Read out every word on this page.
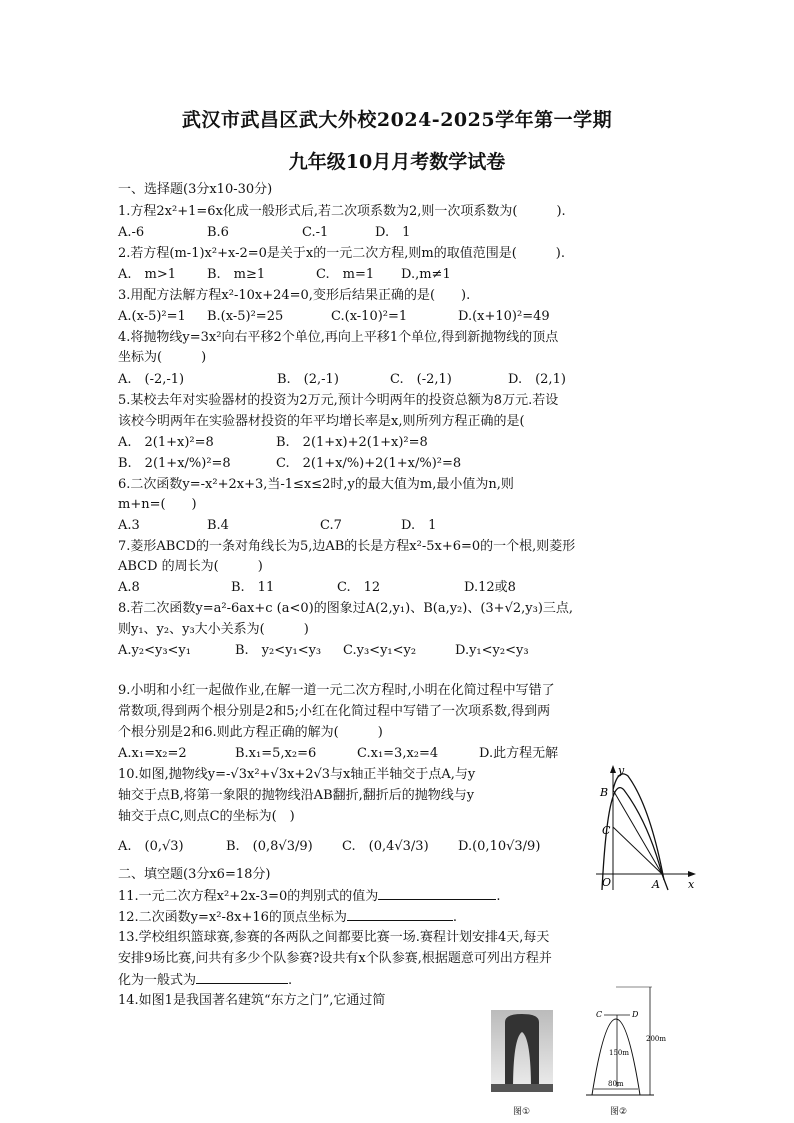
武汉市武昌区武大外校2024-2025学年第一学期
九年级10月月考数学试卷
一、选择题(3分x10-30分)
1.方程2x²+1=6x化成一般形式后,若二次项系数为2,则一次项系数为(　　　).
A.-6	B.6	C.-1	D.　1
2.若方程(m-1)x²+x-2=0是关于x的一元二次方程,则m的取值范围是(　　　).
A.　m>1 B.　m≥1	C.　m=1 D.,m≠1
3.用配方法解方程x²-10x+24=0,变形后结果正确的是(　　).
A.(x-5)²=1 B.(x-5)²=25	C.(x-10)²=1	D.(x+10)²=49
4.将抛物线y=3x²向右平移2个单位,再向上平移1个单位,得到新抛物线的顶点
坐标为(　　　)
A.　(-2,-1)	B.　(2,-1)	C.　(-2,1)	D.　(2,1)
5.某校去年对实验器材的投资为2万元,预计今明两年的投资总额为8万元.若设
该校今明两年在实验器材投资的年平均增长率是x,则所列方程正确的是(
A.　2(1+x)²=8	B.　2(1+x)+2(1+x)²=8
B.　2(1+x/%)²=8	C.　2(1+x/%)+2(1+x/%)²=8
6.二次函数y=-x²+2x+3,当-1≤x≤2时,y的最大值为m,最小值为n,则
m+n=(　　)
A.3	B.4	C.7	D.　1
7.菱形ABCD的一条对角线长为5,边AB的长是方程x²-5x+6=0的一个根,则菱形
ABCD 的周长为(　　　)
A.8	B.　11	C.　12	D.12或8
8.若二次函数y=a²-6ax+c (a<0)的图象过A(2,y₁)、B(a,y₂)、(3+√2,y₃)三点,
则y₁、y₂、y₃大小关系为(　　　)
A.y₂<y₃<y₁	B.　y₂<y₁<y₃ C.y₃<y₁<y₂	D.y₁<y₂<y₃
9.小明和小红一起做作业,在解一道一元二次方程时,小明在化简过程中写错了
常数项,得到两个根分别是2和5;小红在化简过程中写错了一次项系数,得到两
个根分别是2和6.则此方程正确的解为(　　　)
A.x₁=x₂=2	B.x₁=5,x₂=6	C.x₁=3,x₂=4	D.此方程无解
10.如图,抛物线y=-√3x²+√3x+2√3与x轴正半轴交于点A,与y
轴交于点B,将第一象限的抛物线沿AB翻折,翻折后的抛物线与y
轴交于点C,则点C的坐标为(　)
A.　(0,√3)	B.　(0,8√3/9) C.　(0,4√3/3) D.(0,10√3/9)
y
x
O	A
B
C
二、填空题(3分x6=18分)
11.一元二次方程x²+2x-3=0的判别式的值为	.
12.二次函数y=x²-8x+16的顶点坐标为	.
13.学校组织篮球赛,参赛的各两队之间都要比赛一场.赛程计划安排4天,每天
安排9场比赛,问共有多少个队参赛?设共有x个队参赛,根据题意可列出方程并
化为一般式为	.
14.如图1是我国著名建筑“东方之门”,它通过简
图①
C	D
150m
200m
80m
图②
